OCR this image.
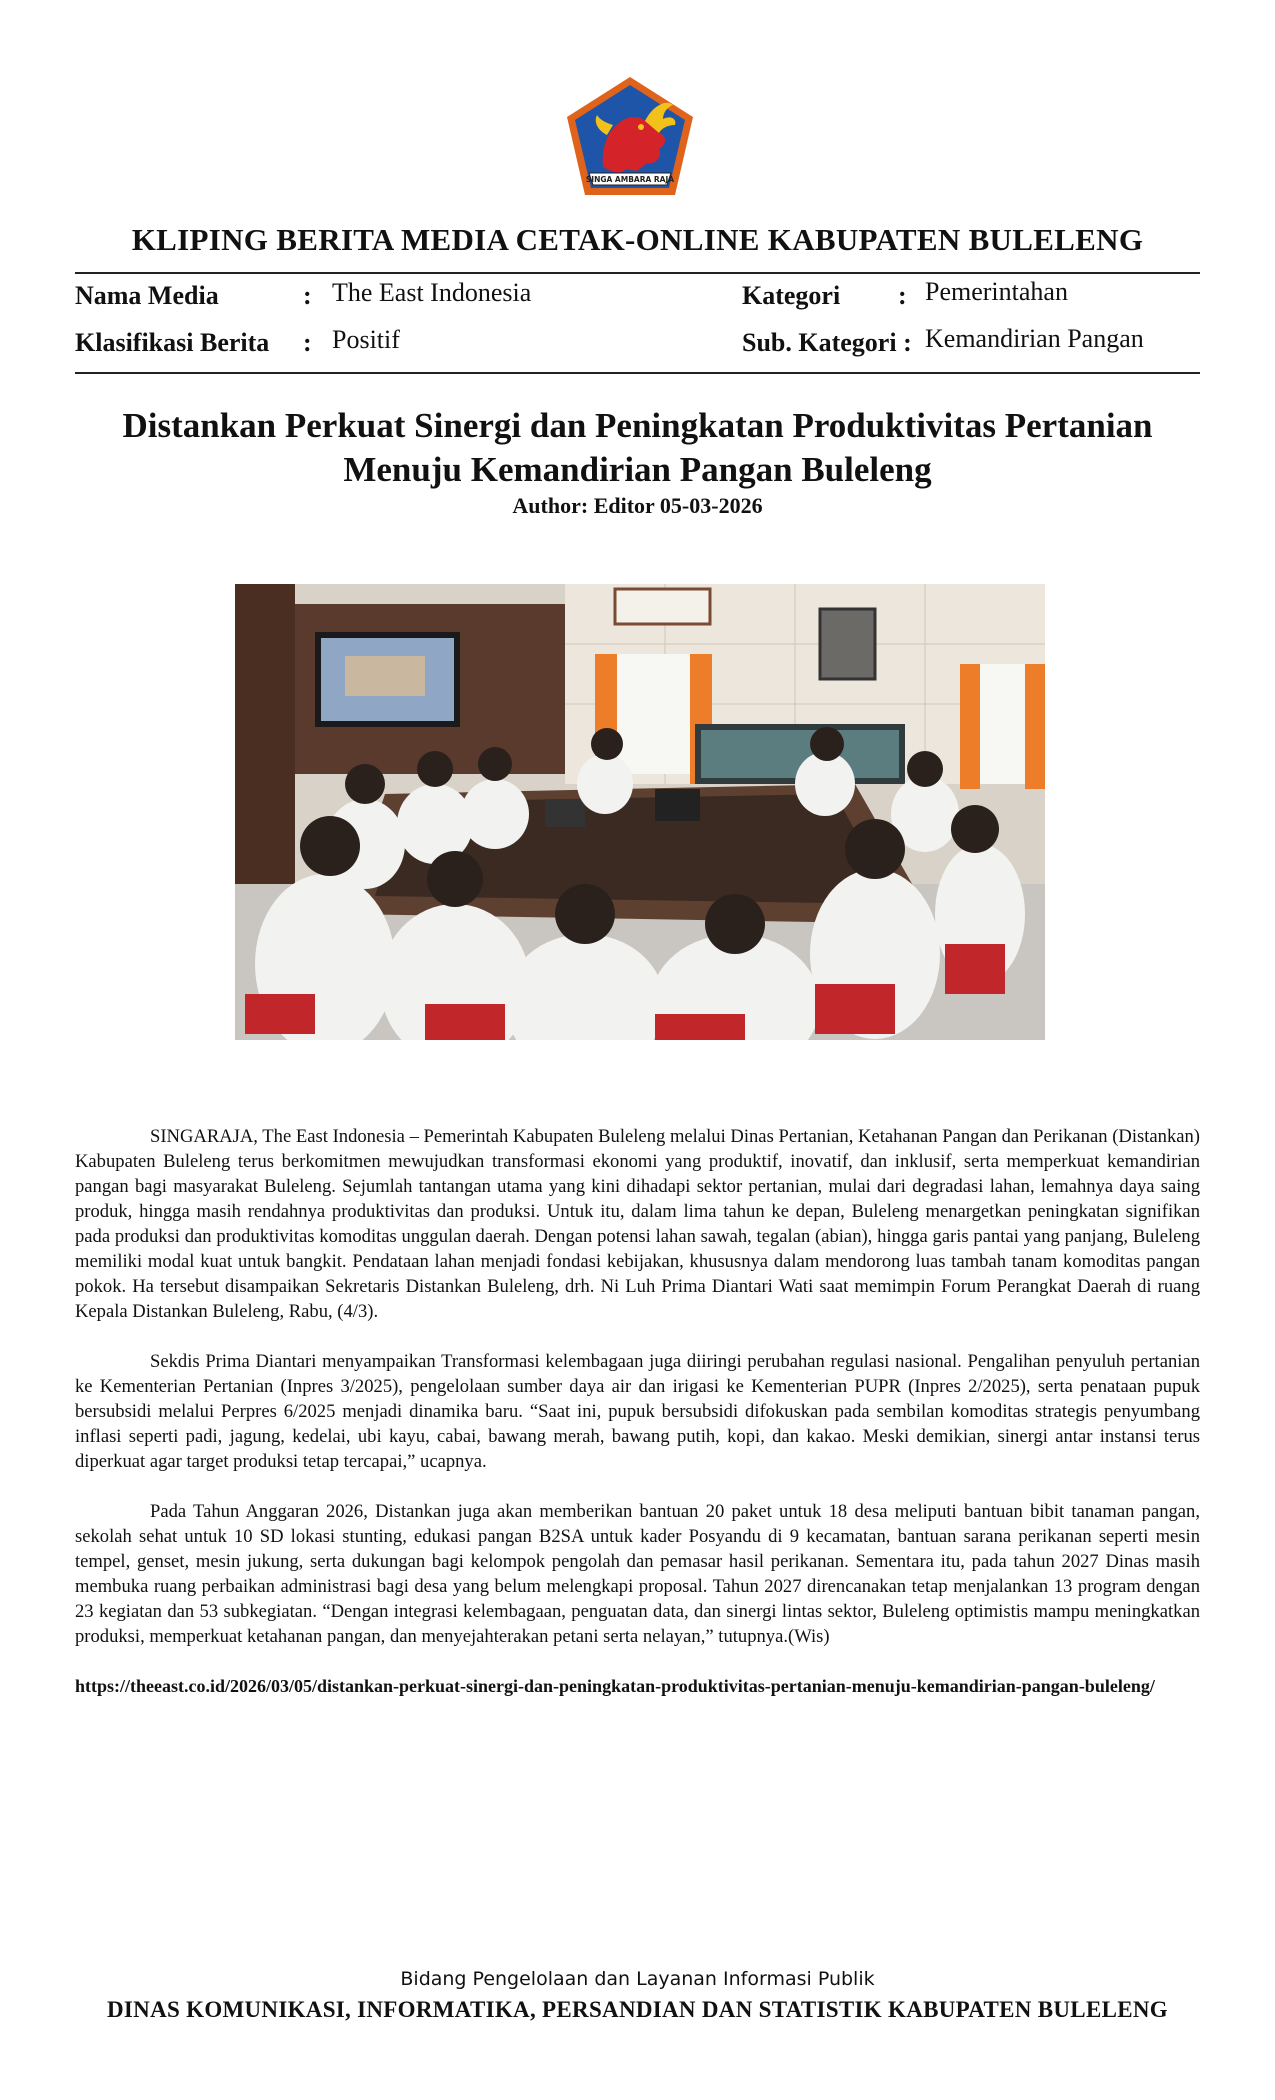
SINGA AMBARA RAJA
KLIPING BERITA MEDIA CETAK-ONLINE KABUPATEN BULELENG
Nama Media	: The East Indonesia	Kategori : Pemerintahan
Klasifikasi Berita : Positif	Sub. Kategori : Kemandirian Pangan
Distankan Perkuat Sinergi dan Peningkatan Produktivitas Pertanian
Menuju Kemandirian Pangan Buleleng
Author: Editor 05-03-2026

SINGARAJA, The East Indonesia – Pemerintah Kabupaten Buleleng melalui Dinas Pertanian, Ketahanan Pangan dan Perikanan (Distankan) Kabupaten Buleleng terus berkomitmen mewujudkan transformasi ekonomi yang produktif, inovatif, dan inklusif, serta memperkuat kemandirian pangan bagi masyarakat Buleleng. Sejumlah tantangan utama yang kini dihadapi sektor pertanian, mulai dari degradasi lahan, lemahnya daya saing produk, hingga masih rendahnya produktivitas dan produksi. Untuk itu, dalam lima tahun ke depan, Buleleng menargetkan peningkatan signifikan pada produksi dan produktivitas komoditas unggulan daerah. Dengan potensi lahan sawah, tegalan (abian), hingga garis pantai yang panjang, Buleleng memiliki modal kuat untuk bangkit. Pendataan lahan menjadi fondasi kebijakan, khususnya dalam mendorong luas tambah tanam komoditas pangan pokok. Ha tersebut disampaikan Sekretaris Distankan Buleleng, drh. Ni Luh Prima Diantari Wati saat memimpin Forum Perangkat Daerah di ruang Kepala Distankan Buleleng, Rabu, (4/3).

Sekdis Prima Diantari menyampaikan Transformasi kelembagaan juga diiringi perubahan regulasi nasional. Pengalihan penyuluh pertanian ke Kementerian Pertanian (Inpres 3/2025), pengelolaan sumber daya air dan irigasi ke Kementerian PUPR (Inpres 2/2025), serta penataan pupuk bersubsidi melalui Perpres 6/2025 menjadi dinamika baru. “Saat ini, pupuk bersubsidi difokuskan pada sembilan komoditas strategis penyumbang inflasi seperti padi, jagung, kedelai, ubi kayu, cabai, bawang merah, bawang putih, kopi, dan kakao. Meski demikian, sinergi antar instansi terus diperkuat agar target produksi tetap tercapai,” ucapnya.

Pada Tahun Anggaran 2026, Distankan juga akan memberikan bantuan 20 paket untuk 18 desa meliputi bantuan bibit tanaman pangan, sekolah sehat untuk 10 SD lokasi stunting, edukasi pangan B2SA untuk kader Posyandu di 9 kecamatan, bantuan sarana perikanan seperti mesin tempel, genset, mesin jukung, serta dukungan bagi kelompok pengolah dan pemasar hasil perikanan. Sementara itu, pada tahun 2027 Dinas masih membuka ruang perbaikan administrasi bagi desa yang belum melengkapi proposal. Tahun 2027 direncanakan tetap menjalankan 13 program dengan 23 kegiatan dan 53 subkegiatan. “Dengan integrasi kelembagaan, penguatan data, dan sinergi lintas sektor, Buleleng optimistis mampu meningkatkan produksi, memperkuat ketahanan pangan, dan menyejahterakan petani serta nelayan,” tutupnya.(Wis)

https://theeast.co.id/2026/03/05/distankan-perkuat-sinergi-dan-peningkatan-produktivitas-pertanian-menuju-kemandirian-pangan-buleleng/

Bidang Pengelolaan dan Layanan Informasi Publik
DINAS KOMUNIKASI, INFORMATIKA, PERSANDIAN DAN STATISTIK KABUPATEN BULELENG
